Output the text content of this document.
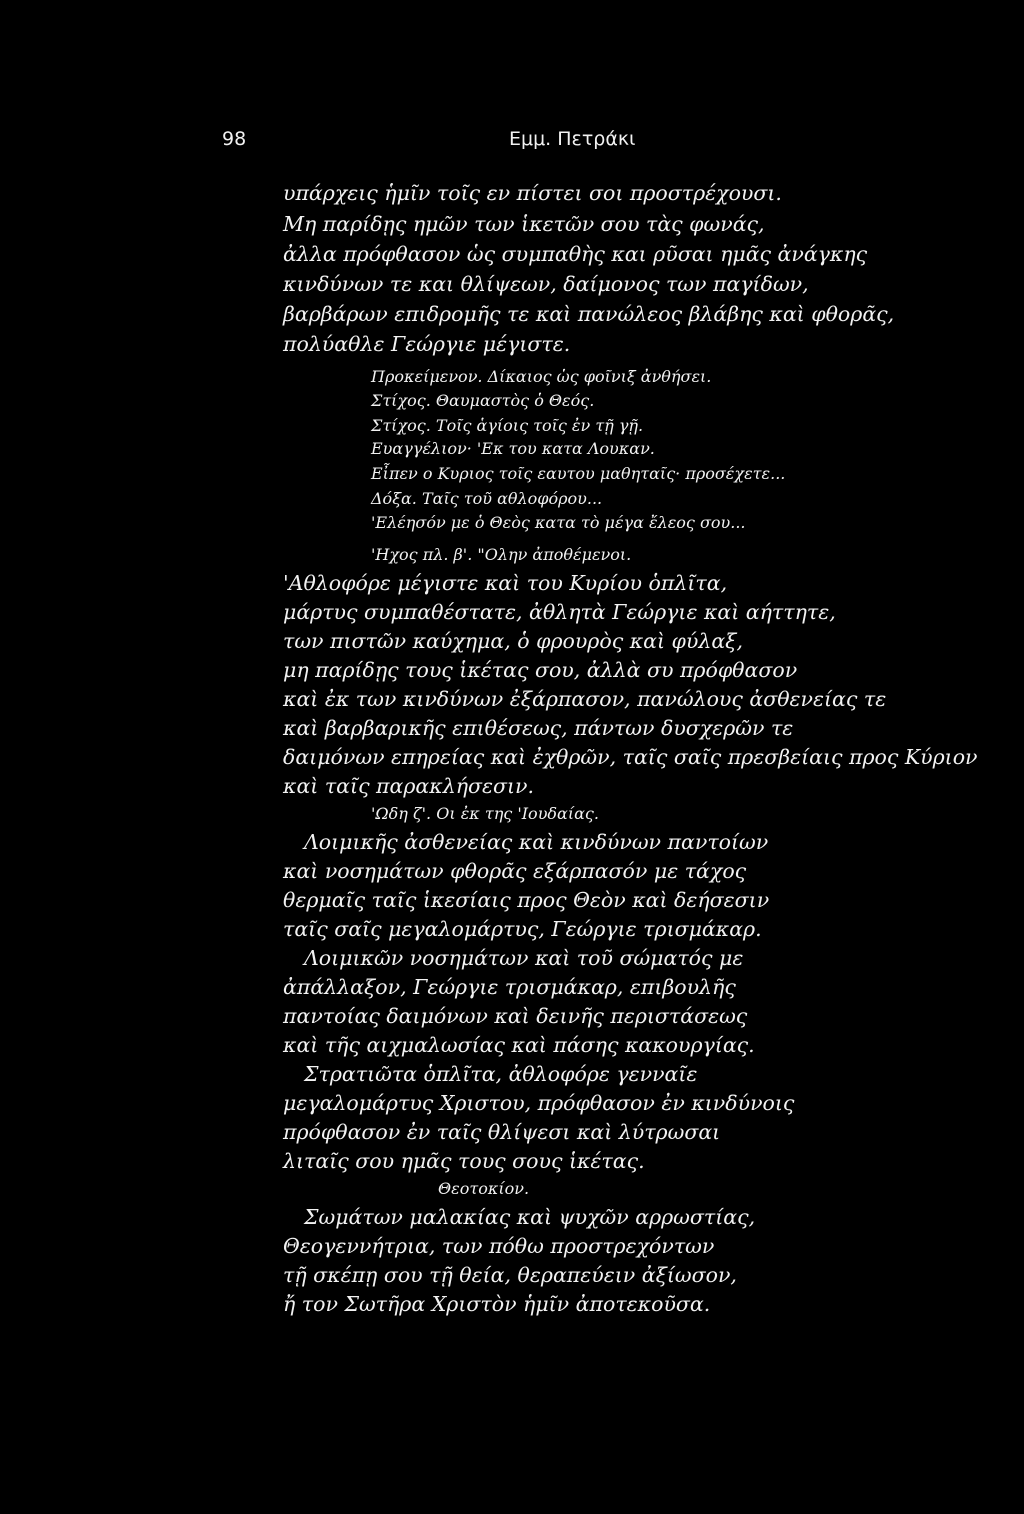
98	Εμμ. Πετράκι
υπάρχεις ἡμῖν τοῖς εν πίστει σοι προστρέχουσι.
Μη παρίδῃς ημῶν των ἱκετῶν σου τὰς φωνάς,
ἀλλα πρόφθασον ὡς συμπαθὴς και ρῦσαι ημᾶς ἀνάγκης
κινδύνων τε και θλίψεων, δαίμονος των παγίδων,
βαρβάρων επιδρομῆς τε καὶ πανώλεος βλάβης καὶ φθορᾶς,
πολύαθλε Γεώργιε μέγιστε.
Προκείμενον. Δίκαιος ὡς φοῖνιξ ἀνθήσει.
Στίχος. Θαυμαστὸς ὁ Θεός.
Στίχος. Τοῖς ἁγίοις τοῖς ἐν τῇ γῇ.
Ευαγγέλιον· 'Εκ του κατα Λουκαν.
Εἶπεν ο Κυριος τοῖς εαυτου μαθηταῖς· προσέχετε...
Δόξα. Ταῖς τοῦ αθλοφόρου...
'Ελέησόν με ὁ Θεὸς κατα τὸ μέγα ἔλεος σου...
'Ηχος πλ. β'. "Ολην ἀποθέμενοι.
'Αθλοφόρε μέγιστε καὶ του Κυρίου ὁπλῖτα,
μάρτυς συμπαθέστατε, ἀθλητὰ Γεώργιε καὶ αήττητε,
των πιστῶν καύχημα, ὁ φρουρὸς καὶ φύλαξ,
μη παρίδῃς τους ἱκέτας σου, ἀλλὰ συ πρόφθασον
καὶ ἐκ των κινδύνων ἐξάρπασον, πανώλους ἀσθενείας τε
καὶ βαρβαρικῆς επιθέσεως, πάντων δυσχερῶν τε
δαιμόνων επηρείας καὶ ἐχθρῶν, ταῖς σαῖς πρεσβείαις προς Κύριον
καὶ ταῖς παρακλήσεσιν.
'Ωδη ζ'. Οι ἐκ της 'Ιουδαίας.
Λοιμικῆς ἀσθενείας καὶ κινδύνων παντοίων
καὶ νοσημάτων φθορᾶς εξάρπασόν με τάχος
θερμαῖς ταῖς ἱκεσίαις προς Θεὸν καὶ δεήσεσιν
ταῖς σαῖς μεγαλομάρτυς, Γεώργιε τρισμάκαρ.
Λοιμικῶν νοσημάτων καὶ τοῦ σώματός με
ἀπάλλαξον, Γεώργιε τρισμάκαρ, επιβουλῆς
παντοίας δαιμόνων καὶ δεινῆς περιστάσεως
καὶ τῆς αιχμαλωσίας καὶ πάσης κακουργίας.
Στρατιῶτα ὁπλῖτα, ἀθλοφόρε γενναῖε
μεγαλομάρτυς Χριστου, πρόφθασον ἐν κινδύνοις
πρόφθασον ἐν ταῖς θλίψεσι καὶ λύτρωσαι
λιταῖς σου ημᾶς τους σους ἱκέτας.
Θεοτοκίον.
Σωμάτων μαλακίας καὶ ψυχῶν αρρωστίας,
Θεογεννήτρια, των πόθω προστρεχόντων
τῇ σκέπῃ σου τῇ θεία, θεραπεύειν ἀξίωσον,
ἤ τον Σωτῆρα Χριστὸν ἡμῖν ἀποτεκοῦσα.
